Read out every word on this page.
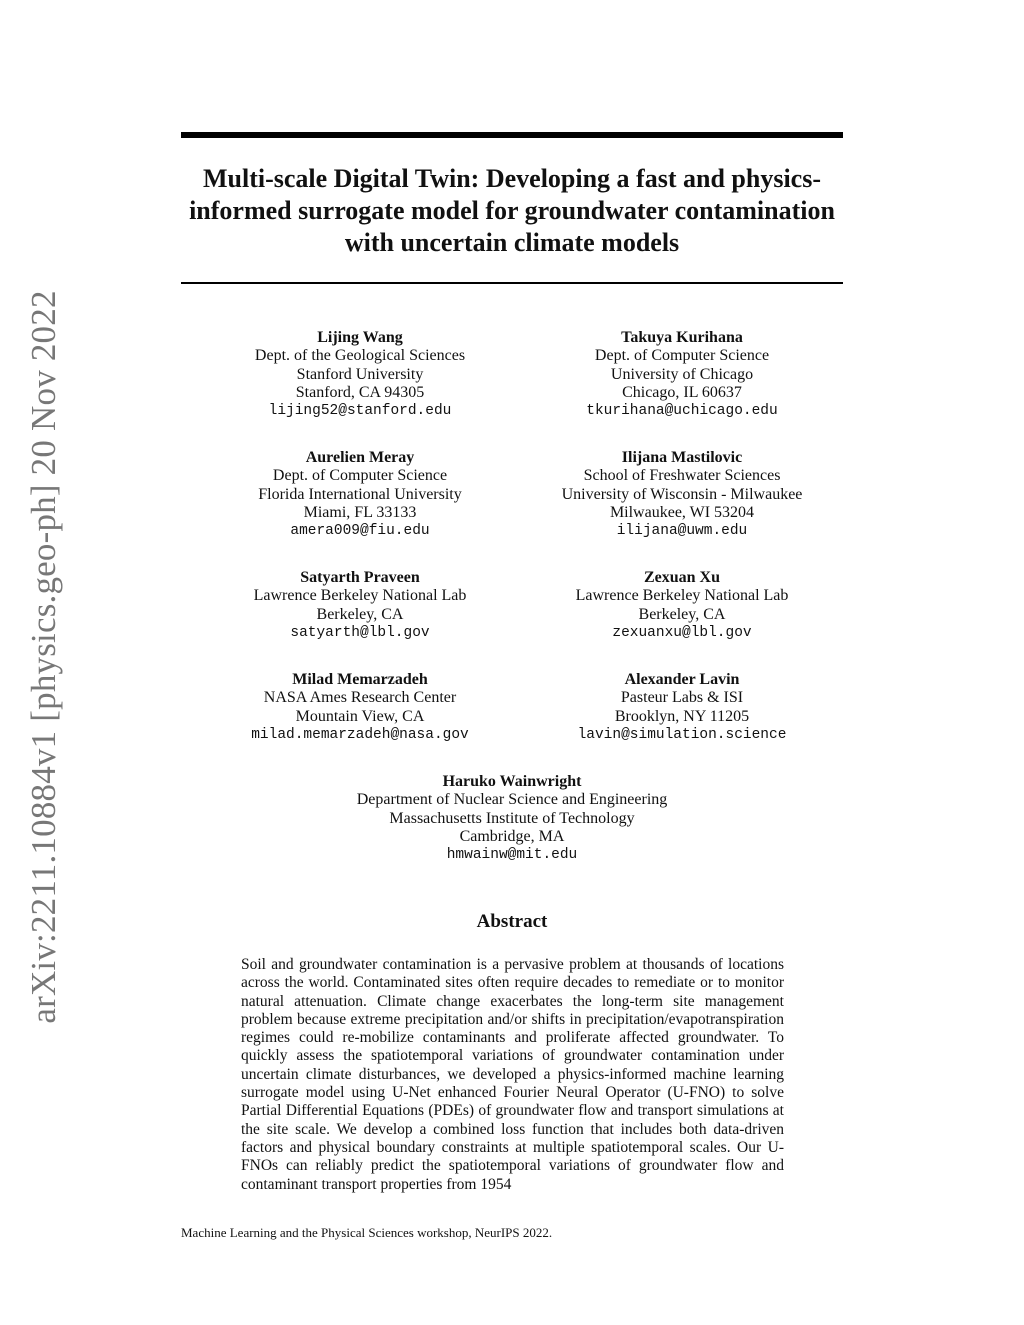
arXiv:2211.10884v1 [physics.geo-ph] 20 Nov 2022
Multi-scale Digital Twin: Developing a fast and physics-informed surrogate model for groundwater contamination with uncertain climate models
Lijing Wang
Dept. of the Geological Sciences
Stanford University
Stanford, CA 94305
lijing52@stanford.edu
Takuya Kurihana
Dept. of Computer Science
University of Chicago
Chicago, IL 60637
tkurihana@uchicago.edu
Aurelien Meray
Dept. of Computer Science
Florida International University
Miami, FL 33133
amera009@fiu.edu
Ilijana Mastilovic
School of Freshwater Sciences
University of Wisconsin - Milwaukee
Milwaukee, WI 53204
ilijana@uwm.edu
Satyarth Praveen
Lawrence Berkeley National Lab
Berkeley, CA
satyarth@lbl.gov
Zexuan Xu
Lawrence Berkeley National Lab
Berkeley, CA
zexuanxu@lbl.gov
Milad Memarzadeh
NASA Ames Research Center
Mountain View, CA
milad.memarzadeh@nasa.gov
Alexander Lavin
Pasteur Labs & ISI
Brooklyn, NY 11205
lavin@simulation.science
Haruko Wainwright
Department of Nuclear Science and Engineering
Massachusetts Institute of Technology
Cambridge, MA
hmwainw@mit.edu
Abstract

Soil and groundwater contamination is a pervasive problem at thousands of locations across the world. Contaminated sites often require decades to remediate or to monitor natural attenuation. Climate change exacerbates the long-term site management problem because extreme precipitation and/or shifts in precipitation/evapotranspiration regimes could re-mobilize contaminants and proliferate affected groundwater. To quickly assess the spatiotemporal variations of groundwater contamination under uncertain climate disturbances, we developed a physics-informed machine learning surrogate model using U-Net enhanced Fourier Neural Operator (U-FNO) to solve Partial Differential Equations (PDEs) of groundwater flow and transport simulations at the site scale. We develop a combined loss function that includes both data-driven factors and physical boundary constraints at multiple spatiotemporal scales. Our U-FNOs can reliably predict the spatiotemporal variations of groundwater flow and contaminant transport properties from 1954

Machine Learning and the Physical Sciences workshop, NeurIPS 2022.
